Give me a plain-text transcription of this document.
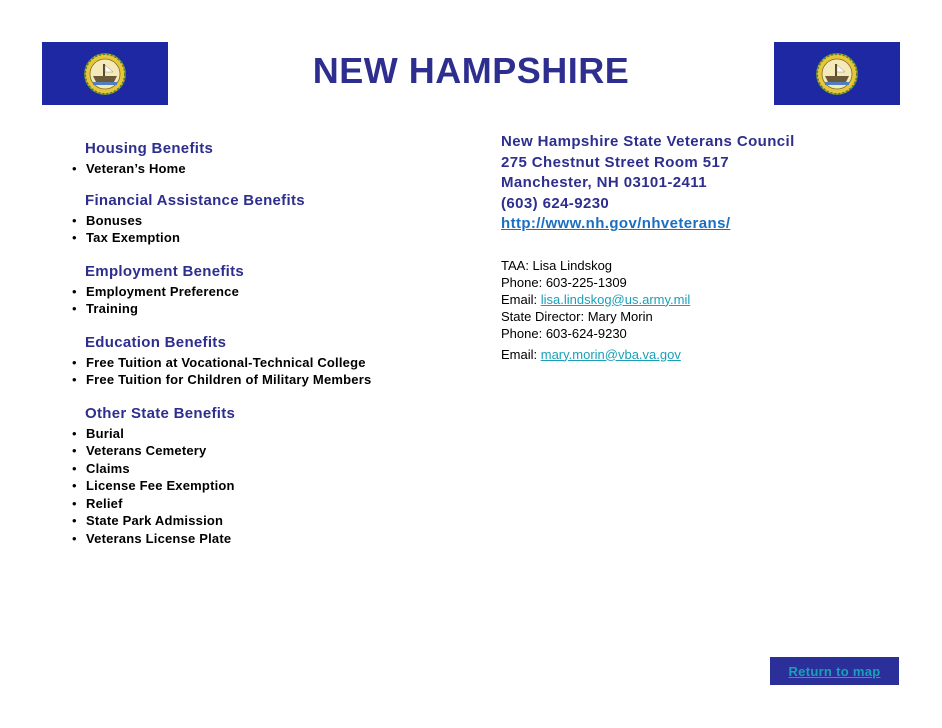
NEW HAMPSHIRE
Housing Benefits
• Veteran’s Home
Financial Assistance Benefits
• Bonuses
• Tax Exemption
Employment Benefits
• Employment Preference
• Training
Education Benefits
• Free Tuition at Vocational-Technical College
• Free Tuition for Children of Military Members
Other State Benefits
• Burial
• Veterans Cemetery
• Claims
• License Fee Exemption
• Relief
• State Park Admission
• Veterans License Plate
New Hampshire State Veterans Council
275 Chestnut Street Room 517
Manchester, NH 03101-2411
(603) 624-9230
http://www.nh.gov/nhveterans/
TAA: Lisa Lindskog
Phone: 603-225-1309
Email: lisa.lindskog@us.army.mil
State Director: Mary Morin
Phone: 603-624-9230
Email: mary.morin@vba.va.gov
Return to map
